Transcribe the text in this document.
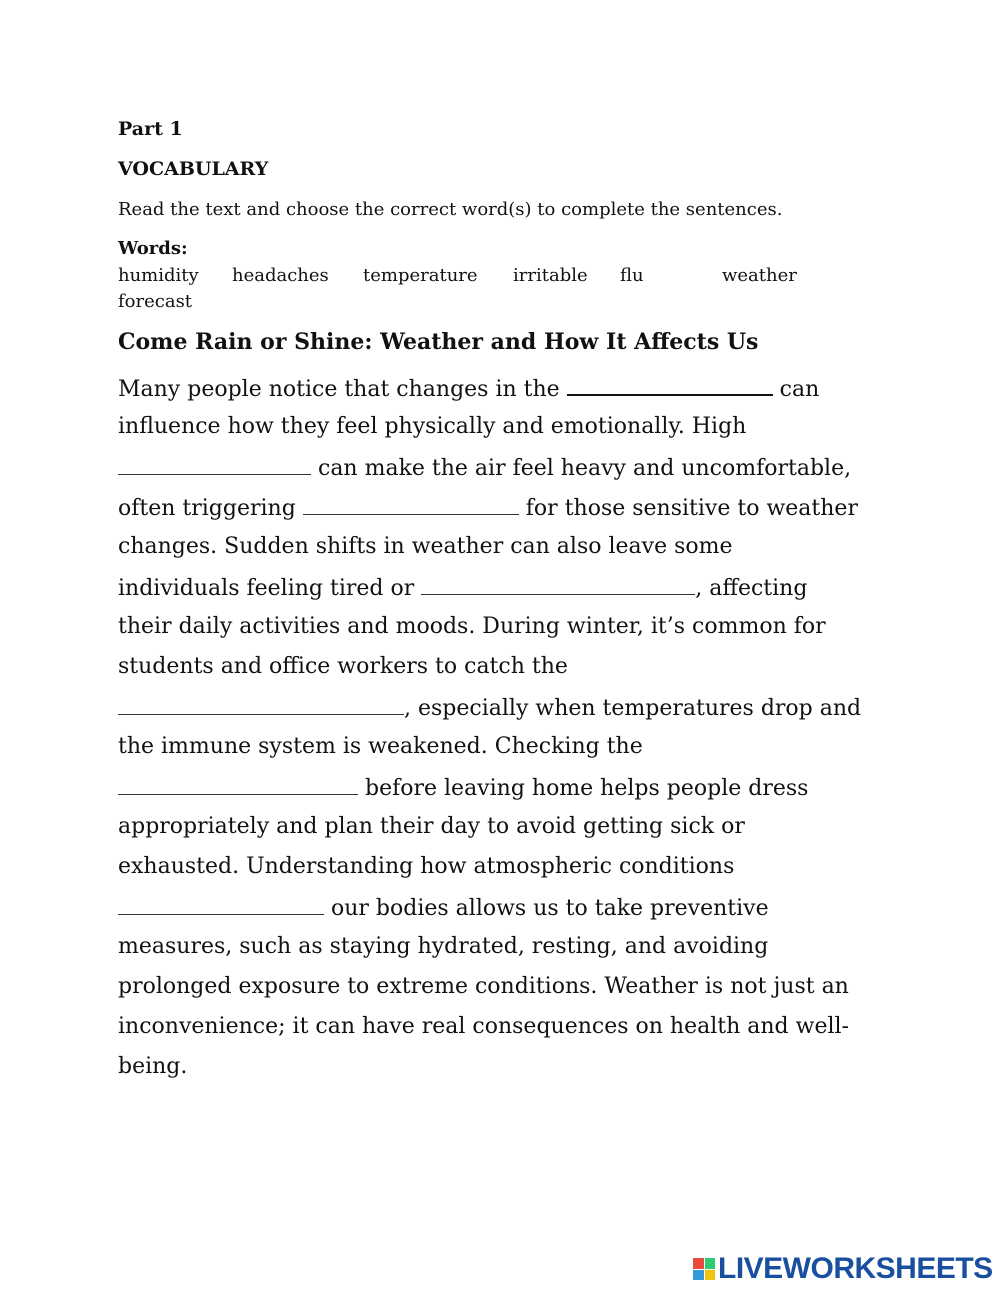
Part 1
VOCABULARY
Read the text and choose the correct word(s) to complete the sentences.
Words:
humidity headaches temperature irritable flu	weather
forecast
Come Rain or Shine: Weather and How It Affects Us
Many people notice that changes in the	can
influence how they feel physically and emotionally. High
can make the air feel heavy and uncomfortable,
often triggering	for those sensitive to weather
changes. Sudden shifts in weather can also leave some
individuals feeling tired or	, affecting
their daily activities and moods. During winter, it’s common for
students and office workers to catch the
, especially when temperatures drop and
the immune system is weakened. Checking the
before leaving home helps people dress
appropriately and plan their day to avoid getting sick or
exhausted. Understanding how atmospheric conditions
our bodies allows us to take preventive
measures, such as staying hydrated, resting, and avoiding
prolonged exposure to extreme conditions. Weather is not just an
inconvenience; it can have real consequences on health and well-
being.
LIVEWORKSHEETS
